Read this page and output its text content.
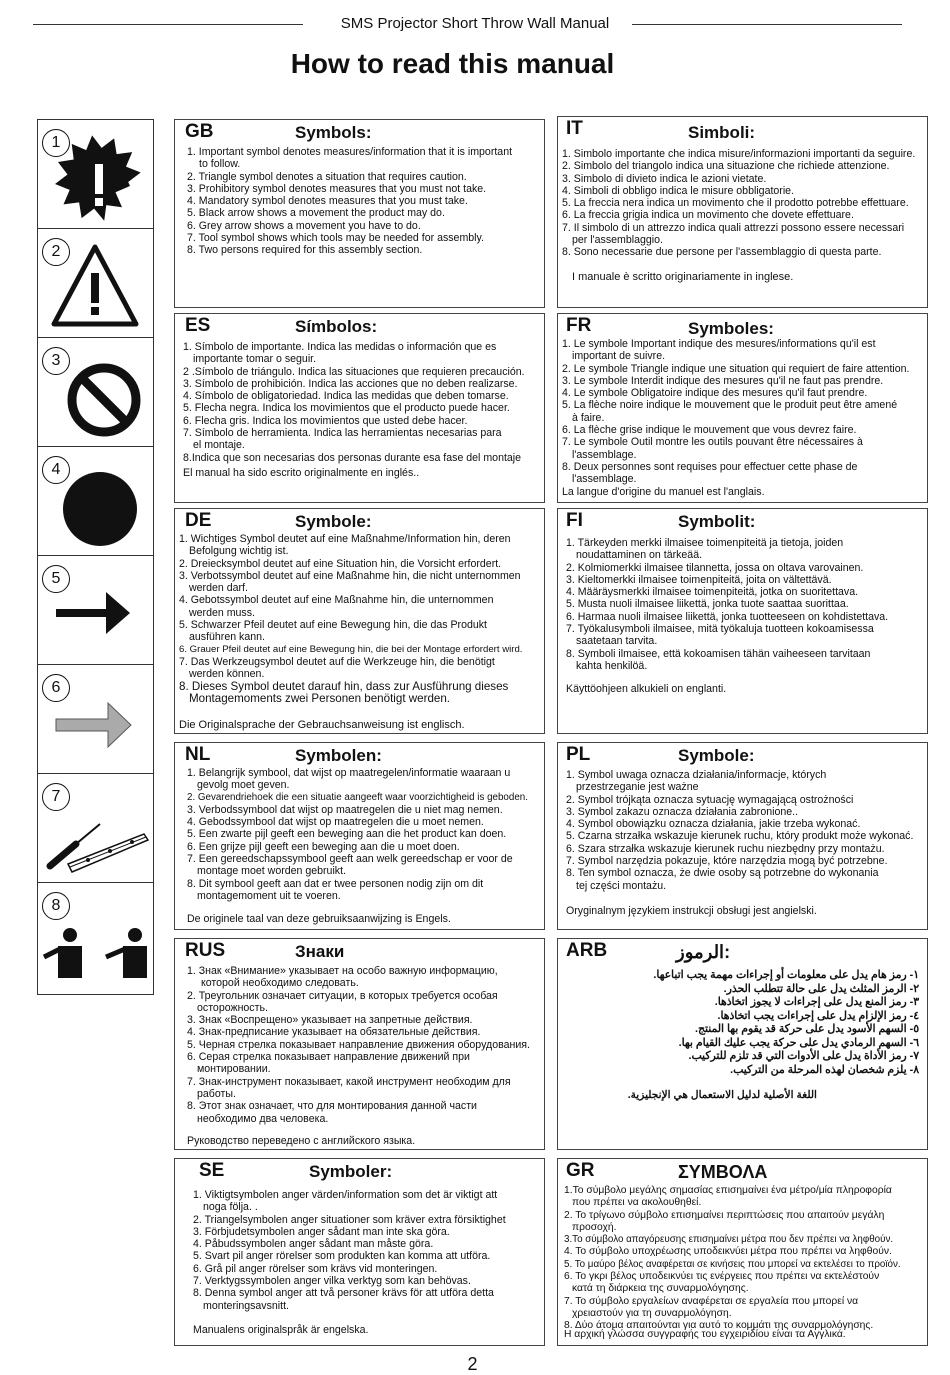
SMS Projector Short Throw Wall Manual
How to read this manual
1
2
3
4
5
6
7
8
GB	Symbols:
1. Important symbol denotes measures/information that it is important
to follow.
2. Triangle symbol denotes a situation that requires caution.
3. Prohibitory symbol denotes measures that you must not take.
4. Mandatory symbol denotes measures that you must take.
5. Black arrow shows a movement the product may do.
6. Grey arrow shows a movement you have to do.
7. Tool symbol shows which tools may be needed for assembly.
8. Two persons required for this assembly section.
IT	Simboli:
1. Simbolo importante che indica misure/informazioni importanti da seguire.
2. Simbolo del triangolo indica una situazione che richiede attenzione.
3. Simbolo di divieto indica le azioni vietate.
4. Simboli di obbligo indica le misure obbligatorie.
5. La freccia nera indica un movimento che il prodotto potrebbe effettuare.
6. La freccia grigia indica un movimento che dovete effettuare.
7. Il simbolo di un attrezzo indica quali attrezzi possono essere necessari
per l'assemblaggio.
8. Sono necessarie due persone per l'assemblaggio di questa parte.
I manuale è scritto originariamente in inglese.
ES	Símbolos:
1. Símbolo de importante. Indica las medidas o información que es
importante tomar o seguir.
2 .Símbolo de triángulo. Indica las situaciones que requieren precaución.
3. Símbolo de prohibición. Indica las acciones que no deben realizarse.
4. Símbolo de obligatoriedad. Indica las medidas que deben tomarse.
5. Flecha negra. Indica los movimientos que el producto puede hacer.
6. Flecha gris. Indica los movimientos que usted debe hacer.
7. Símbolo de herramienta. Indica las herramientas necesarias para
el montaje.
8.Indica que son necesarias dos personas durante esa fase del montaje
El manual ha sido escrito originalmente en inglés..
FR	Symboles:
1. Le symbole Important indique des mesures/informations qu'il est
important de suivre.
2. Le symbole Triangle indique une situation qui requiert de faire attention.
3. Le symbole Interdit indique des mesures qu'il ne faut pas prendre.
4. Le symbole Obligatoire indique des mesures qu'il faut prendre.
5. La flèche noire indique le mouvement que le produit peut être amené
à faire.
6. La flèche grise indique le mouvement que vous devrez faire.
7. Le symbole Outil montre les outils pouvant être nécessaires à
l'assemblage.
8. Deux personnes sont requises pour effectuer cette phase de
l'assemblage.
La langue d'origine du manuel est l'anglais.
DE	Symbole:
1. Wichtiges Symbol deutet auf eine Maßnahme/Information hin, deren
Befolgung wichtig ist.
2. Dreiecksymbol deutet auf eine Situation hin, die Vorsicht erfordert.
3. Verbotssymbol deutet auf eine Maßnahme hin, die nicht unternommen
werden darf.
4. Gebotssymbol deutet auf eine Maßnahme hin, die unternommen
werden muss.
5. Schwarzer Pfeil deutet auf eine Bewegung hin, die das Produkt
ausführen kann.
6. Grauer Pfeil deutet auf eine Bewegung hin, die bei der Montage erfordert wird.
7. Das Werkzeugsymbol deutet auf die Werkzeuge hin, die benötigt
werden können.
8. Dieses Symbol deutet darauf hin, dass zur Ausführung dieses
Montagemoments zwei Personen benötigt werden.
Die Originalsprache der Gebrauchsanweisung ist englisch.
FI	Symbolit:
1. Tärkeyden merkki ilmaisee toimenpiteitä ja tietoja, joiden
noudattaminen on tärkeää.
2. Kolmiomerkki ilmaisee tilannetta, jossa on oltava varovainen.
3. Kieltomerkki ilmaisee toimenpiteitä, joita on vältettävä.
4. Määräysmerkki ilmaisee toimenpiteitä, jotka on suoritettava.
5. Musta nuoli ilmaisee liikettä, jonka tuote saattaa suorittaa.
6. Harmaa nuoli ilmaisee liikettä, jonka tuotteeseen on kohdistettava.
7. Työkalusymboli ilmaisee, mitä työkaluja tuotteen kokoamisessa
saatetaan tarvita.
8. Symboli ilmaisee, että kokoamisen tähän vaiheeseen tarvitaan
kahta henkilöä.
Käyttöohjeen alkukieli on englanti.
NL	Symbolen:
1. Belangrijk symbool, dat wijst op maatregelen/informatie waaraan u
gevolg moet geven.
2. Gevarendriehoek die een situatie aangeeft waar voorzichtigheid is geboden.
3. Verbodssymbool dat wijst op maatregelen die u niet mag nemen.
4. Gebodssymbool dat wijst op maatregelen die u moet nemen.
5. Een zwarte pijl geeft een beweging aan die het product kan doen.
6. Een grijze pijl geeft een beweging aan die u moet doen.
7. Een gereedschapssymbool geeft aan welk gereedschap er voor de
montage moet worden gebruikt.
8. Dit symbool geeft aan dat er twee personen nodig zijn om dit
montagemoment uit te voeren.
De originele taal van deze gebruiksaanwijzing is Engels.
PL	Symbole:
1. Symbol uwaga oznacza działania/informacje, których
przestrzeganie jest ważne
2. Symbol trójkąta oznacza sytuację wymagającą ostrożności
3. Symbol zakazu oznacza działania zabronione..
4. Symbol obowiązku oznacza działania, jakie trzeba wykonać.
5. Czarna strzałka wskazuje kierunek ruchu, który produkt może wykonać.
6. Szara strzałka wskazuje kierunek ruchu niezbędny przy montażu.
7. Symbol narzędzia pokazuje, które narzędzia mogą być potrzebne.
8. Ten symbol oznacza, że dwie osoby są potrzebne do wykonania
tej części montażu.
Oryginalnym językiem instrukcji obsługi jest angielski.
RUS	Знаки
1. Знак «Внимание» указывает на особо важную информацию,
которой необходимо следовать.
2. Треугольник означает ситуации, в которых требуется особая
осторожность.
3. Знак «Воспрещено» указывает на запретные действия.
4. Знак-предписание указывает на обязательные действия.
5. Черная стрелка показывает направление движения оборудования.
6. Серая стрелка показывает направление движений при
монтировании.
7. Знак-инструмент показывает, какой инструмент необходим для
работы.
8. Этот знак означает, что для монтирования данной части
необходимо два человека.
Руководство переведено с английского языка.
ARB	الرموز:
١- رمز هام يدل على معلومات أو إجراءات مهمة يجب اتباعها.
٢- الرمز المثلث يدل على حالة تتطلب الحذر.
٣- رمز المنع يدل على إجراءات لا يجوز اتخاذها.
٤- رمز الإلزام يدل على إجراءات يجب اتخاذها.
٥- السهم الأسود يدل على حركة قد يقوم بها المنتج.
٦- السهم الرمادي يدل على حركة يجب عليك القيام بها.
٧- رمز الأداة يدل على الأدوات التي قد تلزم للتركيب.
٨- يلزم شخصان لهذه المرحلة من التركيب.
اللغة الأصلية لدليل الاستعمال هي الإنجليزية.
SE	Symboler:
1. Viktigtsymbolen anger värden/information som det är viktigt att
noga följa. .
2. Triangelsymbolen anger situationer som kräver extra försiktighet
3. Förbjudetsymbolen anger sådant man inte ska göra.
4. Påbudssymbolen anger sådant man måste göra.
5. Svart pil anger rörelser som produkten kan komma att utföra.
6. Grå pil anger rörelser som krävs vid monteringen.
7. Verktygssymbolen anger vilka verktyg som kan behövas.
8. Denna symbol anger att två personer krävs för att utföra detta
monteringsavsnitt.
Manualens originalspråk är engelska.
GR	ΣΥΜΒΟΛΑ
1.Το σύμβολο μεγάλης σημασίας επισημαίνει ένα μέτρο/μία πληροφορία
που πρέπει να ακολουθηθεί.
2. Το τρίγωνο σύμβολο επισημαίνει περιπτώσεις που απαιτούν μεγάλη
προσοχή.
3.Το σύμβολο απαγόρευσης επισημαίνει μέτρα που δεν πρέπει να ληφθούν.
4. Το σύμβολο υποχρέωσης υποδεικνύει μέτρα που πρέπει να ληφθούν.
5. Το μαύρο βέλος αναφέρεται σε κινήσεις που μπορεί να εκτελέσει το προϊόν.
6. Το γκρι βέλος υποδεικνύει τις ενέργειες που πρέπει να εκτελέστούν
κατά τη διάρκεια της συναρμολόγησης.
7. Το σύμβολο εργαλείων αναφέρεται σε εργαλεία που μπορεί να
χρειαστούν για τη συναρμολόγηση.
8. Δύο άτομα απαιτούνται για αυτό το κομμάτι της συναρμολόγησης.
Η αρχική γλώσσα συγγραφής του εγχειριδίου είναι τα Αγγλικά.
2
